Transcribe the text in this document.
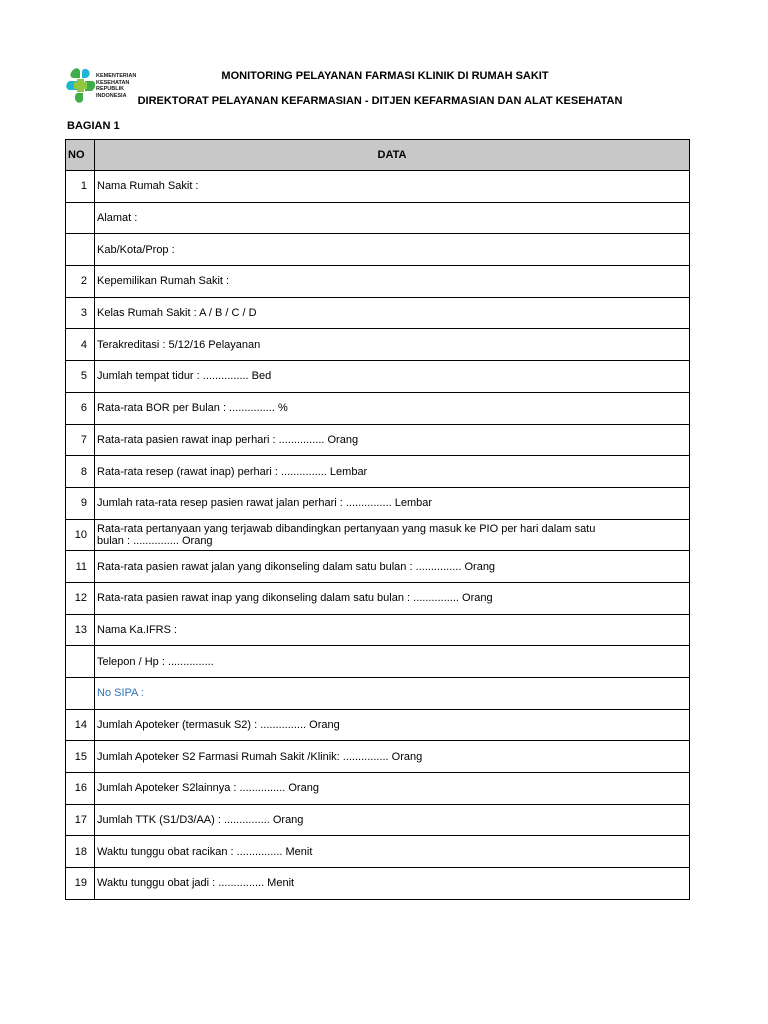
KEMENTERIAN
KESEHATAN
REPUBLIK
INDONESIA
MONITORING PELAYANAN FARMASI KLINIK DI RUMAH SAKIT
DIREKTORAT PELAYANAN KEFARMASIAN - DITJEN KEFARMASIAN DAN ALAT KESEHATAN
BAGIAN 1
NO	DATA
1	Nama Rumah Sakit :
	Alamat :
	Kab/Kota/Prop :
2	Kepemilikan Rumah Sakit :
3	Kelas Rumah Sakit : A / B / C / D
4	Terakreditasi : 5/12/16 Pelayanan
5	Jumlah tempat tidur : ............... Bed
6	Rata-rata BOR per Bulan : ............... %
7	Rata-rata pasien rawat inap perhari : ............... Orang
8	Rata-rata resep (rawat inap) perhari : ............... Lembar
9	Jumlah rata-rata resep pasien rawat jalan perhari : ............... Lembar
10	Rata-rata pertanyaan yang terjawab dibandingkan pertanyaan yang masuk ke PIO per hari dalam satu
bulan : ............... Orang

11	Rata-rata pasien rawat jalan yang dikonseling dalam satu bulan : ............... Orang
12	Rata-rata pasien rawat inap yang dikonseling dalam satu bulan : ............... Orang
13	Nama Ka.IFRS :
	Telepon / Hp : ...............
	No SIPA :
14	Jumlah Apoteker (termasuk S2) : ............... Orang
15	Jumlah Apoteker S2 Farmasi Rumah Sakit /Klinik: ............... Orang
16	Jumlah Apoteker S2lainnya : ............... Orang
17	Jumlah TTK (S1/D3/AA) : ............... Orang
18	Waktu tunggu obat racikan : ............... Menit
19	Waktu tunggu obat jadi : ............... Menit
